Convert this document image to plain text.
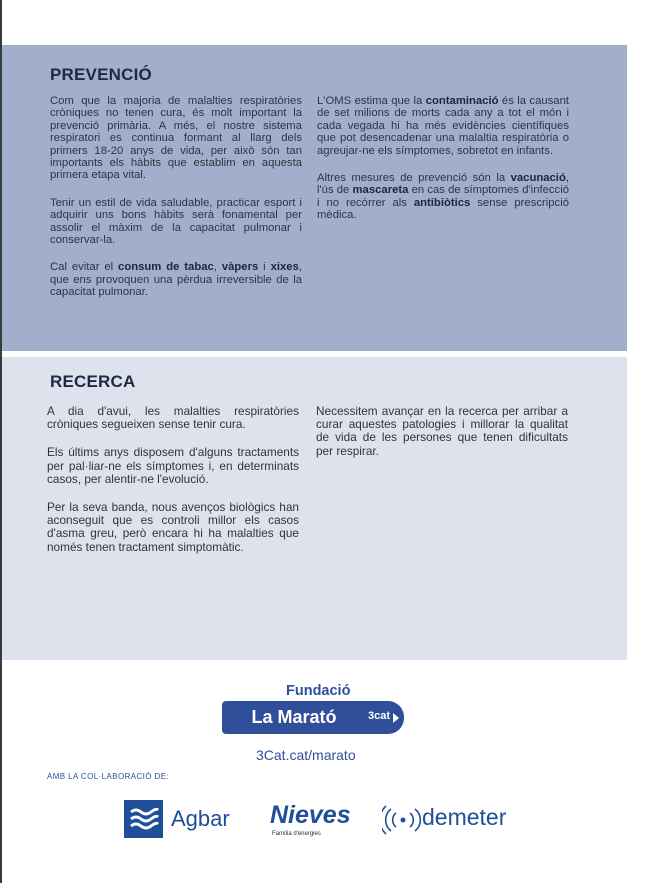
PREVENCIÓ

Com que la majoria de malalties respiratòries cròniques no tenen cura, és molt important la prevenció primària. A més, el nostre sistema respiratori es continua formant al llarg dels primers 18-20 anys de vida, per això són tan importants els hàbits que establim en aquesta primera etapa vital.

Tenir un estil de vida saludable, practicar esport i adquirir uns bons hàbits serà fonamental per assolir el màxim de la capacitat pulmonar i conservar-la.

Cal evitar el consum de tabac, vàpers i xixes, que ens provoquen una pèrdua irreversible de la capacitat pulmonar.

L'OMS estima que la contaminació és la causant de set milions de morts cada any a tot el món i cada vegada hi ha més evidències científiques que pot desencadenar una malaltia respiratòria o agreujar-ne els símptomes, sobretot en infants.

Altres mesures de prevenció són la vacunació, l'ús de mascareta en cas de símptomes d'infecció i no recórrer als antibiòtics sense prescripció mèdica.

RECERCA

A dia d'avui, les malalties respiratòries cròniques segueixen sense tenir cura.

Els últims anys disposem d'alguns tractaments per pal·liar-ne els símptomes i, en determinats casos, per alentir-ne l'evolució.

Per la seva banda, nous avenços biològics han aconseguit que es controli millor els casos d'asma greu, però encara hi ha malalties que només tenen tractament simptomàtic.

Necessitem avançar en la recerca per arribar a curar aquestes patologies i millorar la qualitat de vida de les persones que tenen dificultats per respirar.

Fundació
La Marató	3cat
3Cat.cat/marato
AMB LA COL·LABORACIÓ DE:
Agbar Nieves
Família d'energies
demeter
